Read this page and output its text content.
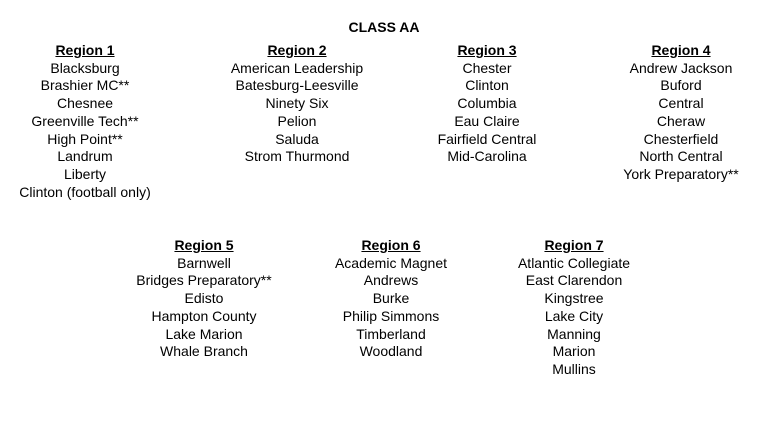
CLASS AA
Region 1
Blacksburg
Brashier MC**
Chesnee
Greenville Tech**
High Point**
Landrum
Liberty
Clinton (football only)
Region 2
American Leadership
Batesburg-Leesville
Ninety Six
Pelion
Saluda
Strom Thurmond
Region 3
Chester
Clinton
Columbia
Eau Claire
Fairfield Central
Mid-Carolina
Region 4
Andrew Jackson
Buford
Central
Cheraw
Chesterfield
North Central
York Preparatory**
Region 5
Barnwell
Bridges Preparatory**
Edisto
Hampton County
Lake Marion
Whale Branch
Region 6
Academic Magnet
Andrews
Burke
Philip Simmons
Timberland
Woodland
Region 7
Atlantic Collegiate
East Clarendon
Kingstree
Lake City
Manning
Marion
Mullins
